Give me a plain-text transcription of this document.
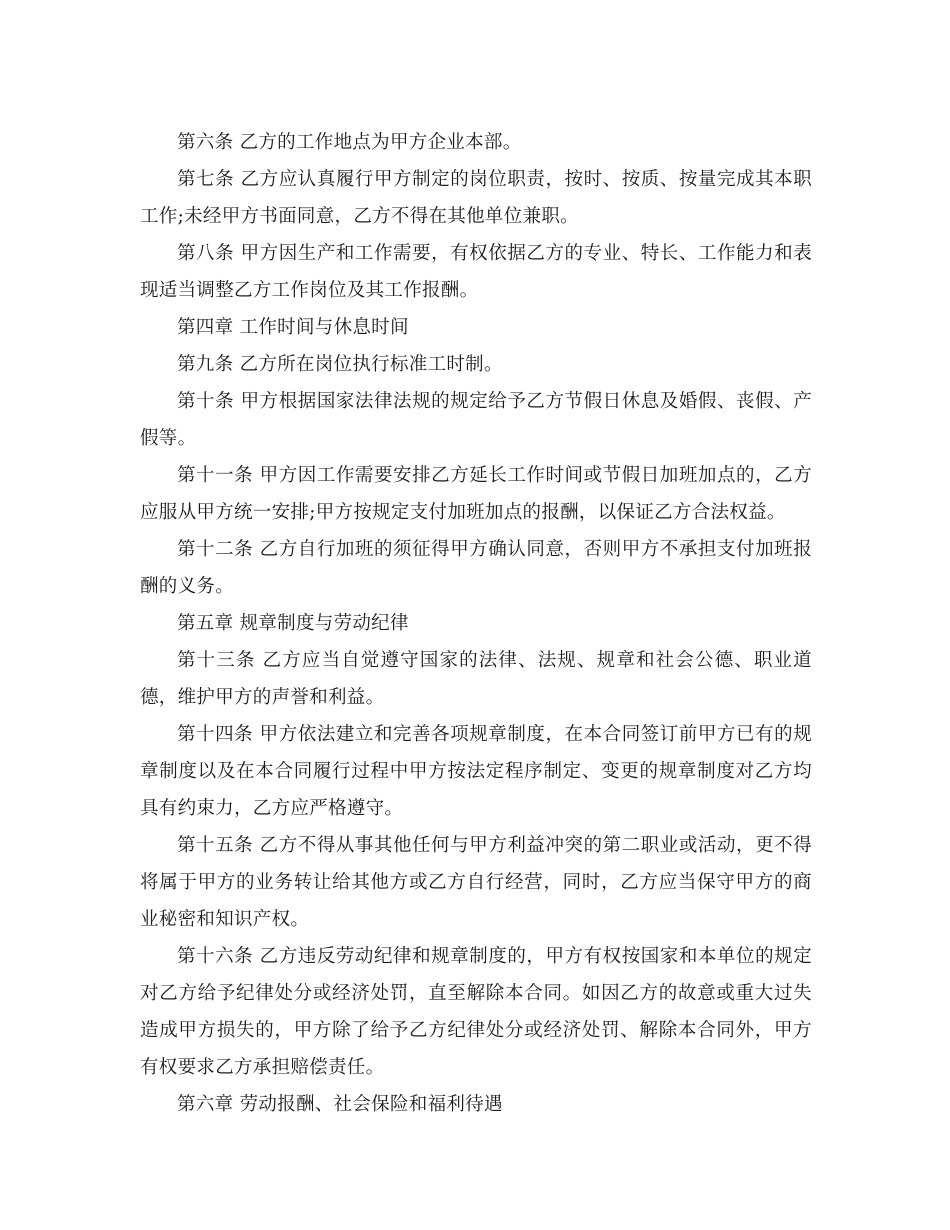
第六条 乙方的工作地点为甲方企业本部。

第七条 乙方应认真履行甲方制定的岗位职责，按时、按质、按量完成其本职工作;未经甲方书面同意，乙方不得在其他单位兼职。

第八条 甲方因生产和工作需要，有权依据乙方的专业、特长、工作能力和表现适当调整乙方工作岗位及其工作报酬。

第四章 工作时间与休息时间

第九条 乙方所在岗位执行标准工时制。

第十条 甲方根据国家法律法规的规定给予乙方节假日休息及婚假、丧假、产假等。

第十一条 甲方因工作需要安排乙方延长工作时间或节假日加班加点的，乙方应服从甲方统一安排;甲方按规定支付加班加点的报酬，以保证乙方合法权益。

第十二条 乙方自行加班的须征得甲方确认同意，否则甲方不承担支付加班报酬的义务。

第五章 规章制度与劳动纪律

第十三条 乙方应当自觉遵守国家的法律、法规、规章和社会公德、职业道德，维护甲方的声誉和利益。

第十四条 甲方依法建立和完善各项规章制度，在本合同签订前甲方已有的规章制度以及在本合同履行过程中甲方按法定程序制定、变更的规章制度对乙方均具有约束力，乙方应严格遵守。

第十五条 乙方不得从事其他任何与甲方利益冲突的第二职业或活动，更不得将属于甲方的业务转让给其他方或乙方自行经营，同时，乙方应当保守甲方的商业秘密和知识产权。

第十六条 乙方违反劳动纪律和规章制度的，甲方有权按国家和本单位的规定对乙方给予纪律处分或经济处罚，直至解除本合同。如因乙方的故意或重大过失造成甲方损失的，甲方除了给予乙方纪律处分或经济处罚、解除本合同外，甲方有权要求乙方承担赔偿责任。

第六章 劳动报酬、社会保险和福利待遇
